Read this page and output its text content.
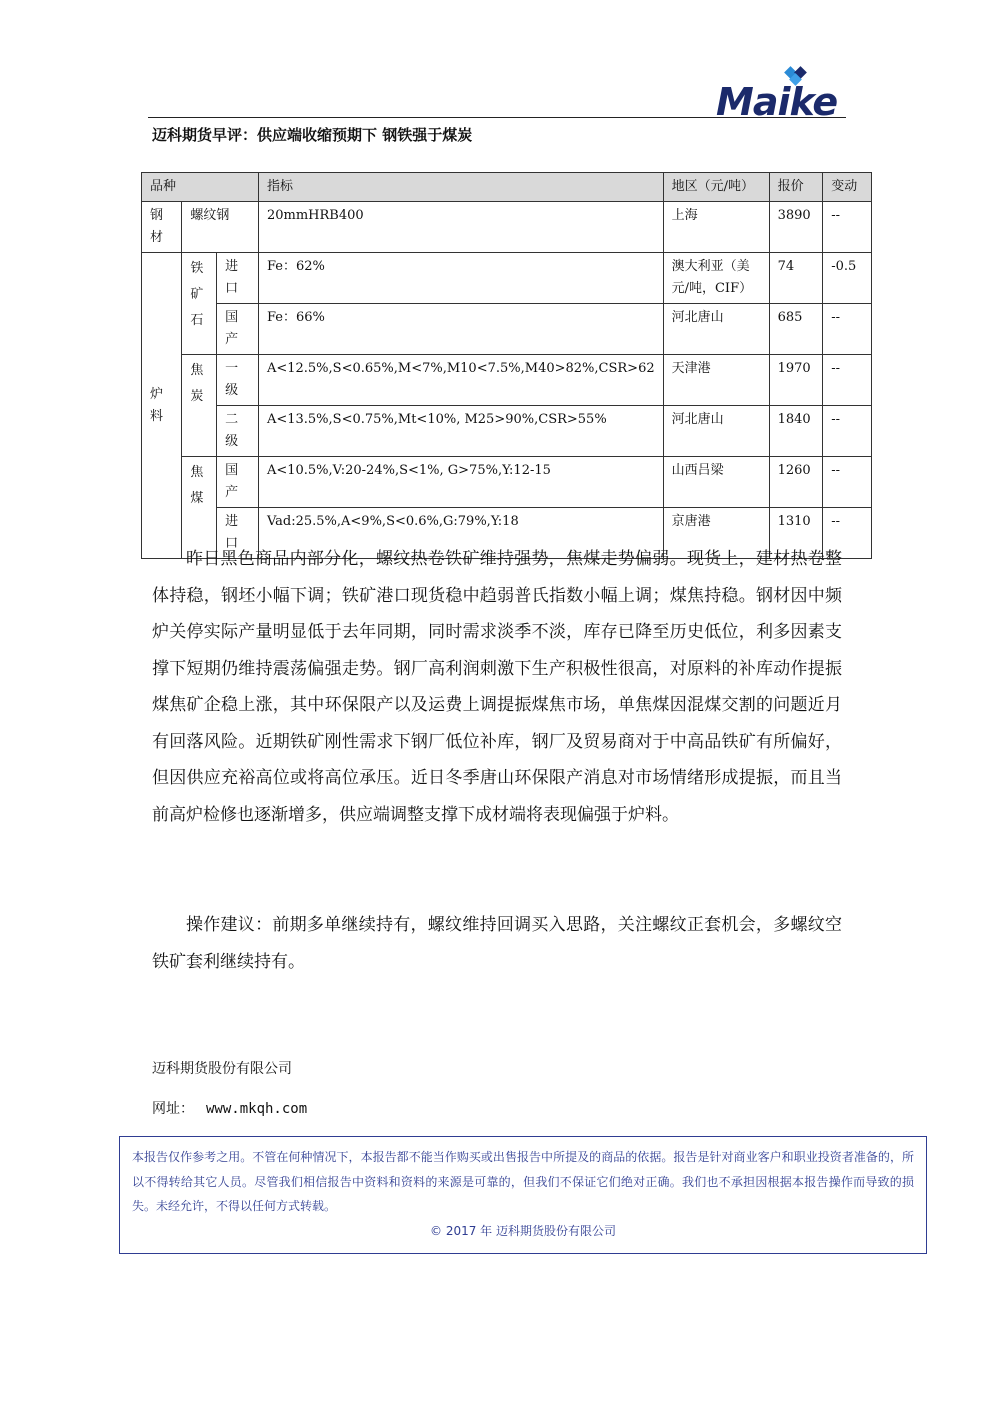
Maike
迈科期货早评：供应端收缩预期下 钢铁强于煤炭
品种			指标	地区（元/吨）	报价	变动
钢材	螺纹钢		20mmHRB400	上海	3890	--
炉料	铁矿石	进口	Fe：62%	澳大利亚（美元/吨，CIF）	74	-0.5
		国产	Fe：66%	河北唐山	685	--
	焦炭	一级	A<12.5%,S<0.65%,M<7%,M10<7.5%,M40>82%,CSR>62	天津港	1970	--
		二级	A<13.5%,S<0.75%,Mt<10%, M25>90%,CSR>55%	河北唐山	1840	--
	焦煤	国产	A<10.5%,V:20-24%,S<1%, G>75%,Y:12-15	山西吕梁	1260	--
		进口	Vad:25.5%,A<9%,S<0.6%,G:79%,Y:18	京唐港	1310	--

昨日黑色商品内部分化，螺纹热卷铁矿维持强势，焦煤走势偏弱。现货上，建材热卷整体持稳，钢坯小幅下调；铁矿港口现货稳中趋弱普氏指数小幅上调；煤焦持稳。钢材因中频炉关停实际产量明显低于去年同期，同时需求淡季不淡，库存已降至历史低位，利多因素支撑下短期仍维持震荡偏强走势。钢厂高利润刺激下生产积极性很高，对原料的补库动作提振煤焦矿企稳上涨，其中环保限产以及运费上调提振煤焦市场，单焦煤因混煤交割的问题近月有回落风险。近期铁矿刚性需求下钢厂低位补库，钢厂及贸易商对于中高品铁矿有所偏好，但因供应充裕高位或将高位承压。近日冬季唐山环保限产消息对市场情绪形成提振，而且当前高炉检修也逐渐增多，供应端调整支撑下成材端将表现偏强于炉料。

操作建议：前期多单继续持有，螺纹维持回调买入思路，关注螺纹正套机会，多螺纹空铁矿套利继续持有。

迈科期货股份有限公司
网址： www.mkqh.com
本报告仅作参考之用。不管在何种情况下，本报告都不能当作购买或出售报告中所提及的商品的依据。报告是针对商业客户和职业投资者准备的，所以不得转给其它人员。尽管我们相信报告中资料和资料的来源是可靠的，但我们不保证它们绝对正确。我们也不承担因根据本报告操作而导致的损失。未经允许，不得以任何方式转载。
© 2017 年 迈科期货股份有限公司
